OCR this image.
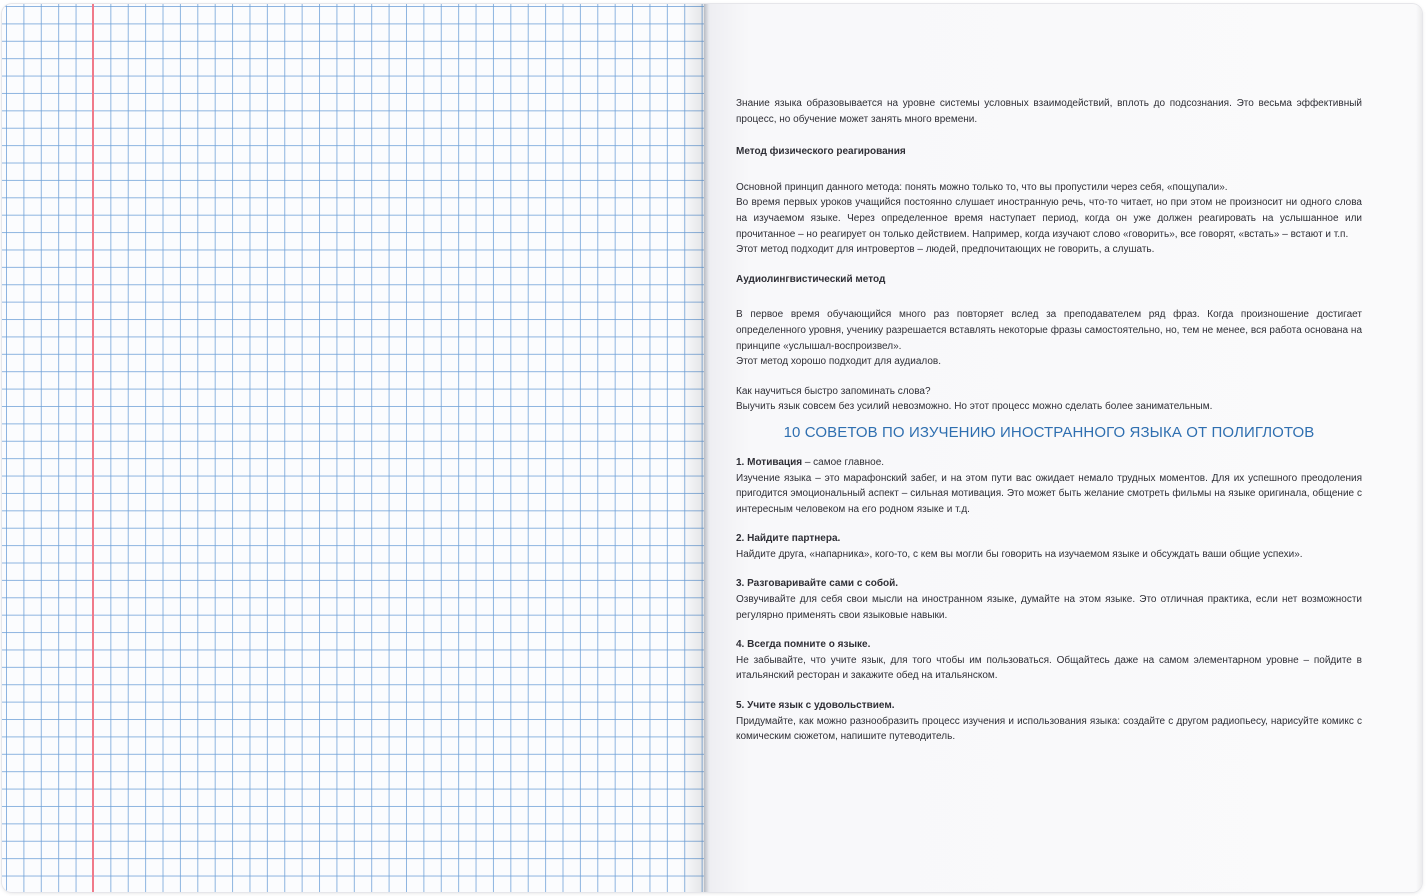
Знание языка образовывается на уровне системы условных взаимодействий, вплоть до подсознания. Это весьма эффективный процесс, но обучение может занять много времени.

Метод физического реагирования

Основной принцип данного метода: понять можно только то, что вы пропустили через себя, «пощупали».

Во время первых уроков учащийся постоянно слушает иностранную речь, что-то читает, но при этом не произносит ни одного слова на изучаемом языке. Через определенное время наступает период, когда он уже должен реагировать на услышанное или прочитанное – но реагирует он только действием. Например, когда изучают слово «говорить», все говорят, «встать» – встают и т.п.

Этот метод подходит для интровертов – людей, предпочитающих не говорить, а слушать.

Аудиолингвистический метод

В первое время обучающийся много раз повторяет вслед за преподавателем ряд фраз. Когда произношение достигает определенного уровня, ученику разрешается вставлять некоторые фразы самостоятельно, но, тем не менее, вся работа основана на принципе «услышал-воспроизвел».

Этот метод хорошо подходит для аудиалов.

Как научиться быстро запоминать слова?

Выучить язык совсем без усилий невозможно. Но этот процесс можно сделать более занимательным.

10 СОВЕТОВ ПО ИЗУЧЕНИЮ ИНОСТРАННОГО ЯЗЫКА ОТ ПОЛИГЛОТОВ

1. Мотивация – самое главное.

Изучение языка – это марафонский забег, и на этом пути вас ожидает немало трудных моментов. Для их успешного преодоления пригодится эмоциональный аспект – сильная мотивация. Это может быть желание смотреть фильмы на языке оригинала, общение с интересным человеком на его родном языке и т.д.

2. Найдите партнера.

Найдите друга, «напарника», кого-то, с кем вы могли бы говорить на изучаемом языке и обсуждать ваши общие успехи».

3. Разговаривайте сами с собой.

Озвучивайте для себя свои мысли на иностранном языке, думайте на этом языке. Это отличная практика, если нет возможности регулярно применять свои языковые навыки.

4. Всегда помните о языке.

Не забывайте, что учите язык, для того чтобы им пользоваться. Общайтесь даже на самом элементарном уровне – пойдите в итальянский ресторан и закажите обед на итальянском.

5. Учите язык с удовольствием.

Придумайте, как можно разнообразить процесс изучения и использования языка: создайте с другом радиопьесу, нарисуйте комикс с комическим сюжетом, напишите путеводитель.
